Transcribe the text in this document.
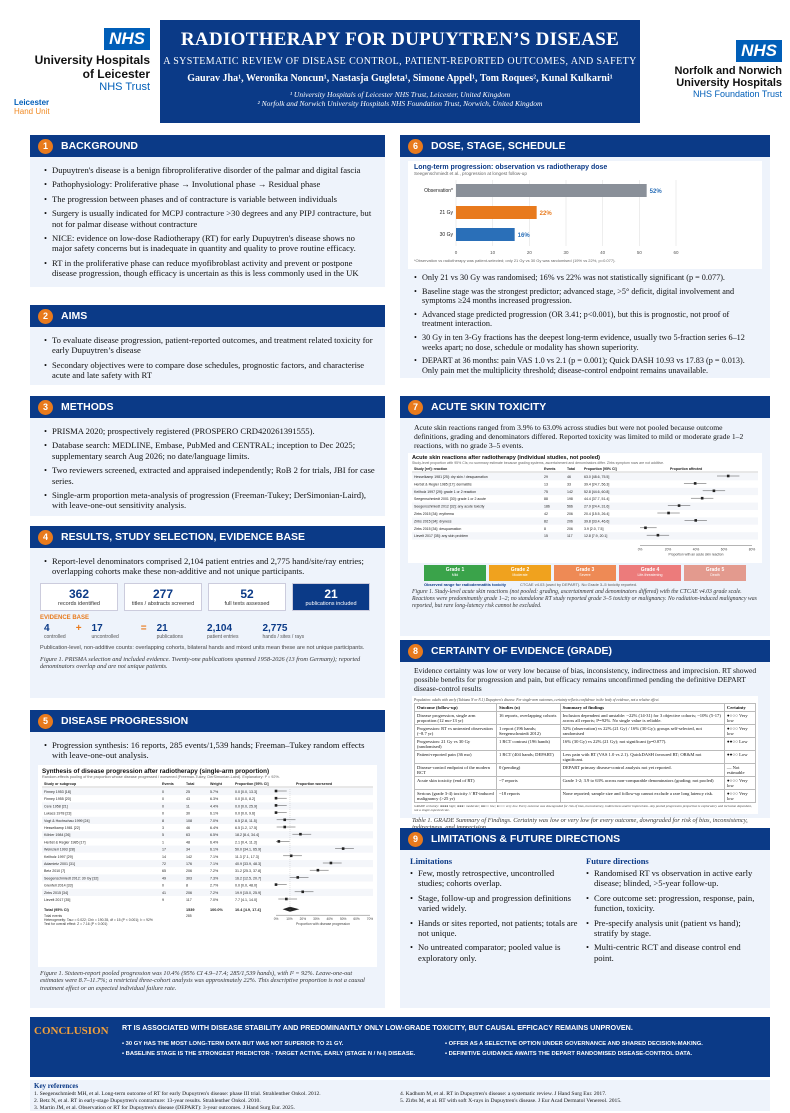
NHS
University Hospitals
of Leicester
NHS Trust
Leicester
Hand Unit
RADIOTHERAPY FOR DUPUYTREN’S DISEASE
A SYSTEMATIC REVIEW OF DISEASE CONTROL, PATIENT-REPORTED OUTCOMES, AND SAFETY
Gaurav Jha¹, Weronika Noncun¹, Nastasja Gugleta¹, Simone Appel¹, Tom Roques², Kunal Kulkarni¹
¹ University Hospitals of Leicester NHS Trust, Leicester, United Kingdom
² Norfolk and Norwich University Hospitals NHS Foundation Trust, Norwich, United Kingdom
NHS
Norfolk and Norwich
University Hospitals
NHS Foundation Trust
1	BACKGROUND
• Dupuytren's disease is a benign fibroproliferative disorder of the palmar and digital fascia
• Pathophysiology: Proliferative phase → Involutional phase → Residual phase
• The progression between phases and of contracture is variable between individuals
• Surgery is usually indicated for MCPJ contracture >30 degrees and any PIPJ contracture, but not for palmar disease without contracture
• NICE: evidence on low-dose Radiotherapy (RT) for early Dupuytren's disease shows no major safety concerns but is inadequate in quantity and quality to prove routine efficacy.
• RT in the proliferative phase can reduce myofibroblast activity and prevent or postpone disease progression, though efficacy is uncertain as this is less commonly used in the UK
2	AIMS
• To evaluate disease progression, patient-reported outcomes, and treatment related toxicity for early Dupuytren’s disease
• Secondary objectives were to compare dose schedules, prognostic factors, and characterise acute and late safety with RT
3	METHODS
• PRISMA 2020; prospectively registered (PROSPERO CRD420261391555).
• Database search: MEDLINE, Embase, PubMed and CENTRAL; inception to Dec 2025; supplementary search Aug 2026; no date/language limits.
• Two reviewers screened, extracted and appraised independently; RoB 2 for trials, JBI for case series.
• Single-arm proportion meta-analysis of progression (Freeman-Tukey; DerSimonian-Laird), with leave-one-out sensitivity analysis.
4	RESULTS, STUDY SELECTION, EVIDENCE BASE
• Report-level denominators comprised 2,104 patient entries and 2,775 hand/site/ray entries; overlapping cohorts make these non-additive and not unique participants.
362
records identified
277
titles / abstracts screened
52
full texts assessed
21
publications included
EVIDENCE BASE
4
controlled
+ 17
uncontrolled
= 21
publications
2,104
patient entries
2,775
hands / sites / rays
Publication-level, non-additive counts: overlapping cohorts, bilateral hands and mixed units mean these are not unique participants.
Figure 1. PRISMA selection and included evidence. Twenty-one publications spanned 1958-2026 (13 from Germany); reported denominators overlap and are not unique patients.
5	DISEASE PROGRESSION
• Progression synthesis: 16 reports, 285 events/1,539 hands; Freeman–Tukey random effects with leave-one-out analysis.
Synthesis of disease progression after radiotherapy (single-arm proportion)
Random-effects pooling of the proportion whose disease progressed / worsened (Freeman-Tukey, DerSimonian-Laird). Explanatory: I² = 92%.
Study or subgroup	Events	Total	Weight	Proportion [95% CI]	Proportion worsened
Finney 1953 [18]	0	25	5.7%	0.0 [0.0, 13.3]
Finney 1955 [20]	0	43	6.3%	0.0 [0.0, 8.2]
Cere 1958 [21]	0	11	4.4%	0.0 [0.0, 25.9]
Lukacs 1978 [23]	0	30	6.1%	0.0 [0.0, 9.6]
Vogt & Hochschau 1999 [24]	8	108	7.0%	6.5 [2.8, 11.5]
Hesselkamp 1981 [22]	3	46	6.4%	6.5 [1.2, 17.5]
Köhler 1984 [26]	5	63	6.5%	18.2 [8.4, 34.4]
Herbst & Regler 1985 [17]	1	48	6.4%	2.1 [0.4, 11.3]
Weinzierl 1993 [28]	17	34	6.1%	50.0 [34.1, 65.9]
Keilholz 1997 [29]	14	142	7.1%	11.3 [7.1, 17.3]
Adamietz 2001 [31]	72	176	7.1%	40.9 [33.9, 48.3]
Betz 2010 [7]	65	206	7.2%	31.2 [25.3, 37.8]
Seegenschmiedt 2012: 30 Gy [32]	49	303	7.3%	16.2 [12.5, 20.7]
Grenfell 2014 [33]	0	8	2.7%	0.0 [0.0, 48.0]
Zirbs 2015 [34]	41	206	7.2%	19.9 [15.0, 25.9]
Lievelt 2017 [35]	9	117	7.0%	7.7 [4.1, 14.0]
Total (95% CI)	1539	100.0%	10.4 [4.9, 17.4]
Total events	285
Heterogeneity: Tau² = 0.022; Chi² = 190.35, df = 15 (P < 0.001); I² = 92%
Test for overall effect: Z = 7.16 (P < 0.001)
0% 10% 20% 30% 40% 50% 60% 70%
Proportion with disease progression
Figure 1. Sixteen-report pooled progression was 10.4% (95% CI 4.9–17.4; 285/1,539 hands), with I² = 92%. Leave-one-out estimates were 8.7–11.7%; a restricted three-cohort analysis was approximately 22%. This descriptive proportion is not a causal treatment effect or an expected individual failure rate.
6	DOSE, STAGE, SCHEDULE
Long-term progression: observation vs radiotherapy dose
Seegenschmiedt et al., progression at longest follow-up
0	10	20	30	40	50	60
Observation*	52%
21 Gy	22%
30 Gy	16%
*Observation vs radiotherapy was patient-selected; only 21 Gy vs 30 Gy was randomised (19% vs 22%, p=0.077).
• Only 21 vs 30 Gy was randomised; 16% vs 22% was not statistically significant (p = 0.077).
• Baseline stage was the strongest predictor; advanced stage, >5° deficit, digital involvement and symptoms ≥24 months increased progression.
• Advanced stage predicted progression (OR 3.41; p<0.001), but this is prognostic, not proof of treatment interaction.
• 30 Gy in ten 3-Gy fractions has the deepest long-term evidence, usually two 5-fraction series 6–12 weeks apart; no dose, schedule or modality has shown superiority.
• DEPART at 36 months: pain VAS 1.0 vs 2.1 (p = 0.001); Quick DASH 10.93 vs 17.83 (p = 0.013). Only pain met the multiplicity threshold; disease-control endpoint remains unavailable.
7	ACUTE SKIN TOXICITY
Acute skin reactions ranged from 3.9% to 63.0% across studies but were not pooled because outcome definitions, grading and denominators differed. Reported toxicity was limited to mild or moderate grade 1–2 reactions, with no grade 3–5 events.
Acute skin reactions after radiotherapy (individual studies, not pooled)
Study-level proportion with 95% CIs; no summary estimate because grading systems, ascertainment and denominators differ. Zirbs symptom rows are not additive.
Study [ref]: reaction	Events	Total	Proportion [95% CI]	Proportion affected
Hesselkamp 1981 [25]: dry skin / desquamation	29	46	63.0 [48.6, 75.5]
Herbst & Regler 1985 [17]: dermatitis	13	33	39.4 [24.7, 56.3]
Keilholz 1997 [29]: grade 1 or 2 reaction	75	142	52.8 [44.6, 60.8]
Seegenschmiedt 2001 [30]: grade 1 or 2 acute	88	198	44.4 [37.7, 51.4]
Seegenschmiedt 2012 [32]: any acute toxicity	186	566	27.9 [24.4, 31.6]
Zirbs 2015 [34]: erythema	42	206	20.4 [15.5, 26.4]
Zirbs 2015 [34]: dryness	82	206	39.8 [33.4, 46.6]
Zirbs 2015 [34]: desquamation	8	206	3.9 [2.0, 7.5]
Lievelt 2017 [35]: any skin problem	15	117	12.8 [7.9, 20.1]
0%	20%	40%	60%	80%
Proportion with an acute skin reaction
Grade 1
Mild
Grade 2
Moderate
Grade 3
Severe
Grade 4
Life-threatening
Grade 5
Death
Observed range for radiodermatitis toxicity	CTCAE v4.03 (used by DEPART). No Grade 3–5 toxicity reported.
Figure 1. Study-level acute skin reactions (not pooled: grading, ascertainment and denominators differed) with the CTCAE v4.03 grade scale. Reactions were predominantly grade 1–2; no standalone RT study reported grade 3–5 toxicity or malignancy. No radiation-induced malignancy was reported, but rare long-latency risk cannot be excluded.
8	CERTAINTY OF EVIDENCE (GRADE)
Evidence certainty was low or very low because of bias, inconsistency, indirectness and imprecision. RT showed possible benefits for progression and pain, but efficacy remains unconfirmed pending the definitive DEPART disease-control results
Population: adults with early (Tubiana N or N.1) Dupuytren's disease. For single-arm outcomes, certainty reflects confidence in the body of evidence, not a relative effect.
Outcome (follow-up)	Studies (n)	Summary of findings	Certainty
Disease progression, single arm proportion (12 mo-13 yr)	16 reports, overlapping cohorts	Inclusion dependent and unstable: ~22% (14-31) for 3 objective cohorts; ~10% (5-17) across all reports; I²=92%. No single value is reliable.	●○○○ Very low
Progression: RT vs untreated observation (~8.7 yr)	1 report (196 hands; Seegenschmiedt 2012)	52% (observation) vs 22% (21 Gy) / 16% (30 Gy); groups self-selected, not randomised	●○○○ Very low
Progression: 21 Gy vs 30 Gy (randomised)	1 RCT contrast (196 hands)	16% (30 Gy) vs 22% (21 Gy); not significant (p=0.077).	●●○○ Low
Patient-reported pain (36 mo)	1 RCT (404 hands; DEPART)	Less pain with RT (VAS 1.0 vs 2.1). QuickDASH favoured RT; OR&M not significant.	●●○○ Low
Disease-control endpoint of the modern RCT	0 (pending)	DEPART primary disease-control analysis not yet reported.	— Not estimable
Acute skin toxicity (end of RT)	~7 reports	Grade 1-2; 3.9 to 63% across non-comparable denominators (grading; not pooled)	●○○○ Very low
Serious (grade 3-4) toxicity // RT-induced malignancy (>25 yr)	~18 reports	None reported; sample size and follow-up cannot exclude a rare long latency risk.	●○○○ Very low
GRADE certainty: ●●●● high; ●●●○ moderate; ●●○○ low; ●○○○ very low. Every outcome was downgraded for risk of bias, inconsistency, indirectness and/or imprecision. Any pooled progression proportion is exploratory and inclusion dependent, not a single expected rate.
Table 1. GRADE Summary of Findings. Certainty was low or very low for every outcome, downgraded for risk of bias, inconsistency,
9	LIMITATIONS & FUTURE DIRECTIONS
Limitations
• Few, mostly retrospective, uncontrolled studies; cohorts overlap.
• Stage, follow-up and progression definitions varied widely.
• Hands or sites reported, not patients; totals are not unique.
• No untreated comparator; pooled value is exploratory only.
Future directions
• Randomised RT vs observation in active early disease; blinded, >5-year follow-up.
• Core outcome set: progression, response, pain, function, toxicity.
• Pre-specify analysis unit (patient vs hand); stratify by stage.
• Multi-centric RCT and disease control end point.
CONCLUSION RT IS ASSOCIATED WITH DISEASE STABILITY AND PREDOMINANTLY ONLY LOW-GRADE TOXICITY, BUT CAUSAL EFFICACY REMAINS UNPROVEN.
• 30 GY HAS THE MOST LONG-TERM DATA BUT WAS NOT SUPERIOR TO 21 GY.
• BASELINE STAGE IS THE STRONGEST PREDICTOR - TARGET ACTIVE, EARLY (STAGE N / N-I) DISEASE.
• OFFER AS A SELECTIVE OPTION UNDER GOVERNANCE AND SHARED DECISION-MAKING.
• DEFINITIVE GUIDANCE AWAITS THE DEPART RANDOMISED DISEASE-CONTROL DATA.
Key references
1. Seegenschmiedt MH, et al. Long-term outcome of RT for early Dupuytren's disease: phase III trial. Strahlenther Onkol. 2012.
2. Betz N, et al. RT in early-stage Dupuytren's contracture: 13-year results. Strahlenther Onkol. 2010.
3. Martin JM, et al. Observation or RT for Dupuytren's disease (DEPART): 3-year outcomes. J Hand Surg Eur. 2025.
4. Kadhum M, et al. RT in Dupuytren's disease: a systematic review. J Hand Surg Eur. 2017.
5. Zirbs M, et al. RT with soft X-rays in Dupuytren's disease. J Eur Acad Dermatol Venereol. 2015.
